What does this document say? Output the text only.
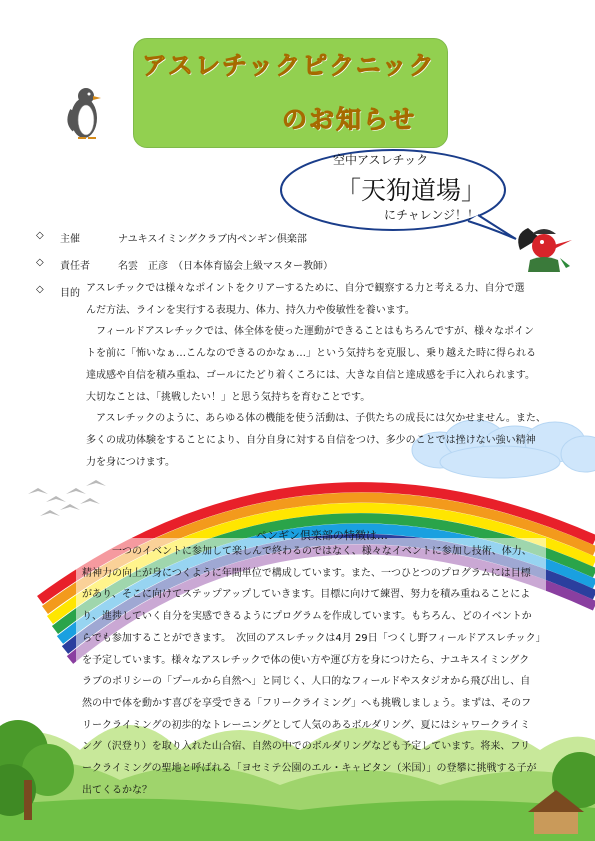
アスレチックピクニック
のお知らせ
空中アスレチック
「天狗道場」
にチャレンジ！！
◇ 主催	ナユキスイミングクラブ内ペンギン倶楽部
◇ 責任者	名雲　正彦　（日本体育協会上級マスター教師）
◇ 目的 アスレチックでは様々なポイントをクリアーするために、自分で観察する力と考える力、自分で選
んだ方法、ラインを実行する表現力、体力、持久力や俊敏性を養います。
　フィールドアスレチックでは、体全体を使った運動ができることはもちろんですが、様々なポイン
トを前に「怖いなぁ…こんなのできるのかなぁ…」という気持ちを克服し、乗り越えた時に得られる
達成感や自信を積み重ね、ゴールにたどり着くころには、大きな自信と達成感を手に入れられます。
大切なことは、「挑戦したい！」と思う気持ちを育むことです。
　アスレチックのように、あらゆる体の機能を使う活動は、子供たちの成長には欠かせません。また、
多くの成功体験をすることにより、自分自身に対する自信をつけ、多少のことでは挫けない強い精神
力を身につけます。
ペンギン倶楽部の特徴は…
　　　一つのイベントに参加して楽しんで終わるのではなく、様々なイベントに参加し技術、体力、
精神力の向上が身につくように年間単位で構成しています。また、一つひとつのプログラムには目標
があり、そこに向けてステップアップしていきます。目標に向けて練習、努力を積み重ねることによ
り、進捗していく自分を実感できるようにプログラムを作成しています。もちろん、どのイベントか
らでも参加することができます。　次回のアスレチックは4月 29日「つくし野フィールドアスレチック」
を予定しています。様々なアスレチックで体の使い方や運び方を身につけたら、ナユキスイミングク
ラブのポリシーの「プールから自然へ」と同じく、人口的なフィールドやスタジオから飛び出し、自
然の中で体を動かす喜びを享受できる「フリークライミング」へも挑戦しましょう。まずは、そのフ
リークライミングの初歩的なトレーニングとして人気のあるボルダリング、夏にはシャワークライミ
ング（沢登り）を取り入れた山合宿、自然の中でのボルダリングなども予定しています。将来、フリ
ークライミングの聖地と呼ばれる「ヨセミテ公園のエル・キャピタン（米国）」の登攀に挑戦する子が
出てくるかな？
